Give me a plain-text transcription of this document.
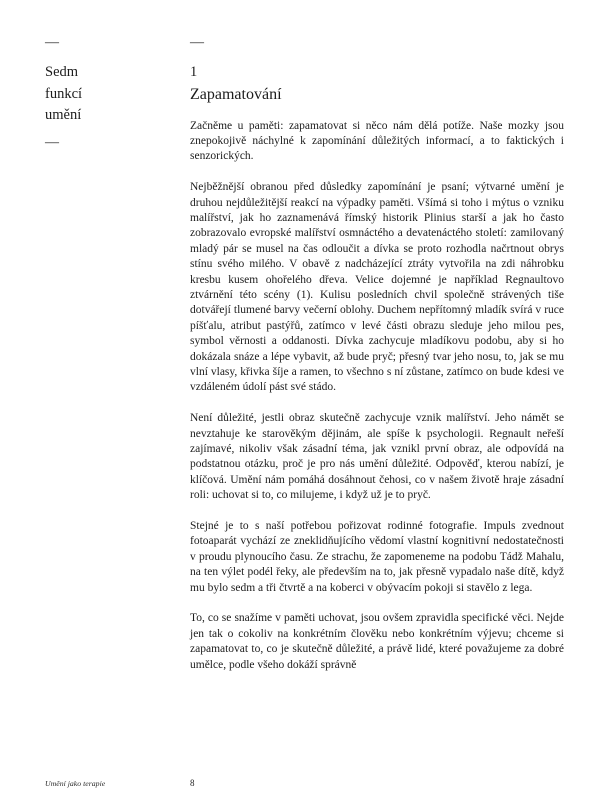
—
Sedm
funkcí
umění
—
—
1
Zapamatování

Začněme u paměti: zapamatovat si něco nám dělá potíže. Naše mozky jsou znepokojivě náchylné k zapomínání důležitých informací, a to faktických i senzorických.

Nejběžnější obranou před důsledky zapomínání je psaní; výtvarné umění je druhou nejdůležitější reakcí na výpadky paměti. Všímá si toho i mýtus o vzniku malířství, jak ho zaznamenává římský historik Plinius starší a jak ho často zobrazovalo evropské malířství osmnáctého a devatenáctého století: zamilovaný mladý pár se musel na čas odloučit a dívka se proto rozhodla načrtnout obrys stínu svého milého. V obavě z nadcházející ztráty vytvořila na zdi náhrobku kresbu kusem ohořelého dřeva. Velice dojemné je například Regnaultovo ztvárnění této scény (1). Kulisu posledních chvil společně strávených tiše dotvářejí tlumené barvy večerní oblohy. Duchem nepřítomný mladík svírá v ruce píšťalu, atribut pastýřů, zatímco v levé části obrazu sleduje jeho milou pes, symbol věrnosti a oddanosti. Dívka zachycuje mladíkovu podobu, aby si ho dokázala snáze a lépe vybavit, až bude pryč; přesný tvar jeho nosu, to, jak se mu vlní vlasy, křivka šíje a ramen, to všechno s ní zůstane, zatímco on bude kdesi ve vzdáleném údolí pást své stádo.

Není důležité, jestli obraz skutečně zachycuje vznik malířství. Jeho námět se nevztahuje ke starověkým dějinám, ale spíše k psychologii. Regnault neřeší zajímavé, nikoliv však zásadní téma, jak vznikl první obraz, ale odpovídá na podstatnou otázku, proč je pro nás umění důležité. Odpověď, kterou nabízí, je klíčová. Umění nám pomáhá dosáhnout čehosi, co v našem životě hraje zásadní roli: uchovat si to, co milujeme, i když už je to pryč.

Stejné je to s naší potřebou pořizovat rodinné fotografie. Impuls zvednout fotoaparát vychází ze zneklidňujícího vědomí vlastní kognitivní nedostatečnosti v proudu plynoucího času. Ze strachu, že zapomeneme na podobu Tádž Mahalu, na ten výlet podél řeky, ale především na to, jak přesně vypadalo naše dítě, když mu bylo sedm a tři čtvrtě a na koberci v obývacím pokoji si stavělo z lega.

To, co se snažíme v paměti uchovat, jsou ovšem zpravidla specifické věci. Nejde jen tak o cokoliv na konkrétním člověku nebo konkrétním výjevu; chceme si zapamatovat to, co je skutečně důležité, a právě lidé, které považujeme za dobré umělce, podle všeho dokáží správně

Umění jako terapie	8
